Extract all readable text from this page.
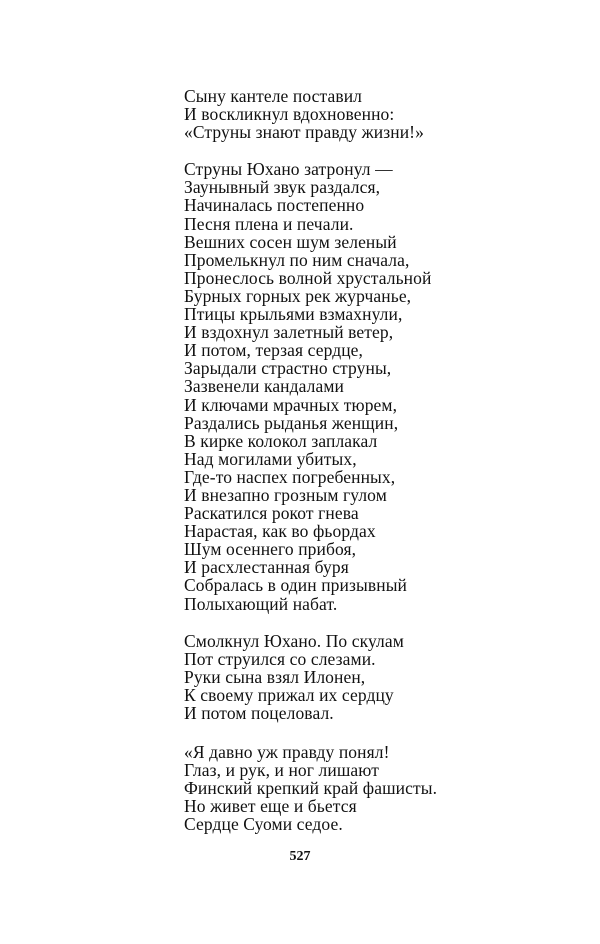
Сыну кантеле поставил
И воскликнул вдохновенно:
«Струны знают правду жизни!»
Струны Юхано затронул —
Заунывный звук раздался,
Начиналась постепенно
Песня плена и печали.
Вешних сосен шум зеленый
Промелькнул по ним сначала,
Пронеслось волной хрустальной
Бурных горных рек журчанье,
Птицы крыльями взмахнули,
И вздохнул залетный ветер,
И потом, терзая сердце,
Зарыдали страстно струны,
Зазвенели кандалами
И ключами мрачных тюрем,
Раздались рыданья женщин,
В кирке колокол заплакал
Над могилами убитых,
Где-то наспех погребенных,
И внезапно грозным гулом
Раскатился рокот гнева
Нарастая, как во фьордах
Шум осеннего прибоя,
И расхлестанная буря
Собралась в один призывный
Полыхающий набат.
Смолкнул Юхано. По скулам
Пот струился со слезами.
Руки сына взял Илонен,
К своему прижал их сердцу
И потом поцеловал.
«Я давно уж правду понял!
Глаз, и рук, и ног лишают
Финский крепкий край фашисты.
Но живет еще и бьется
Сердце Суоми седое.
527
